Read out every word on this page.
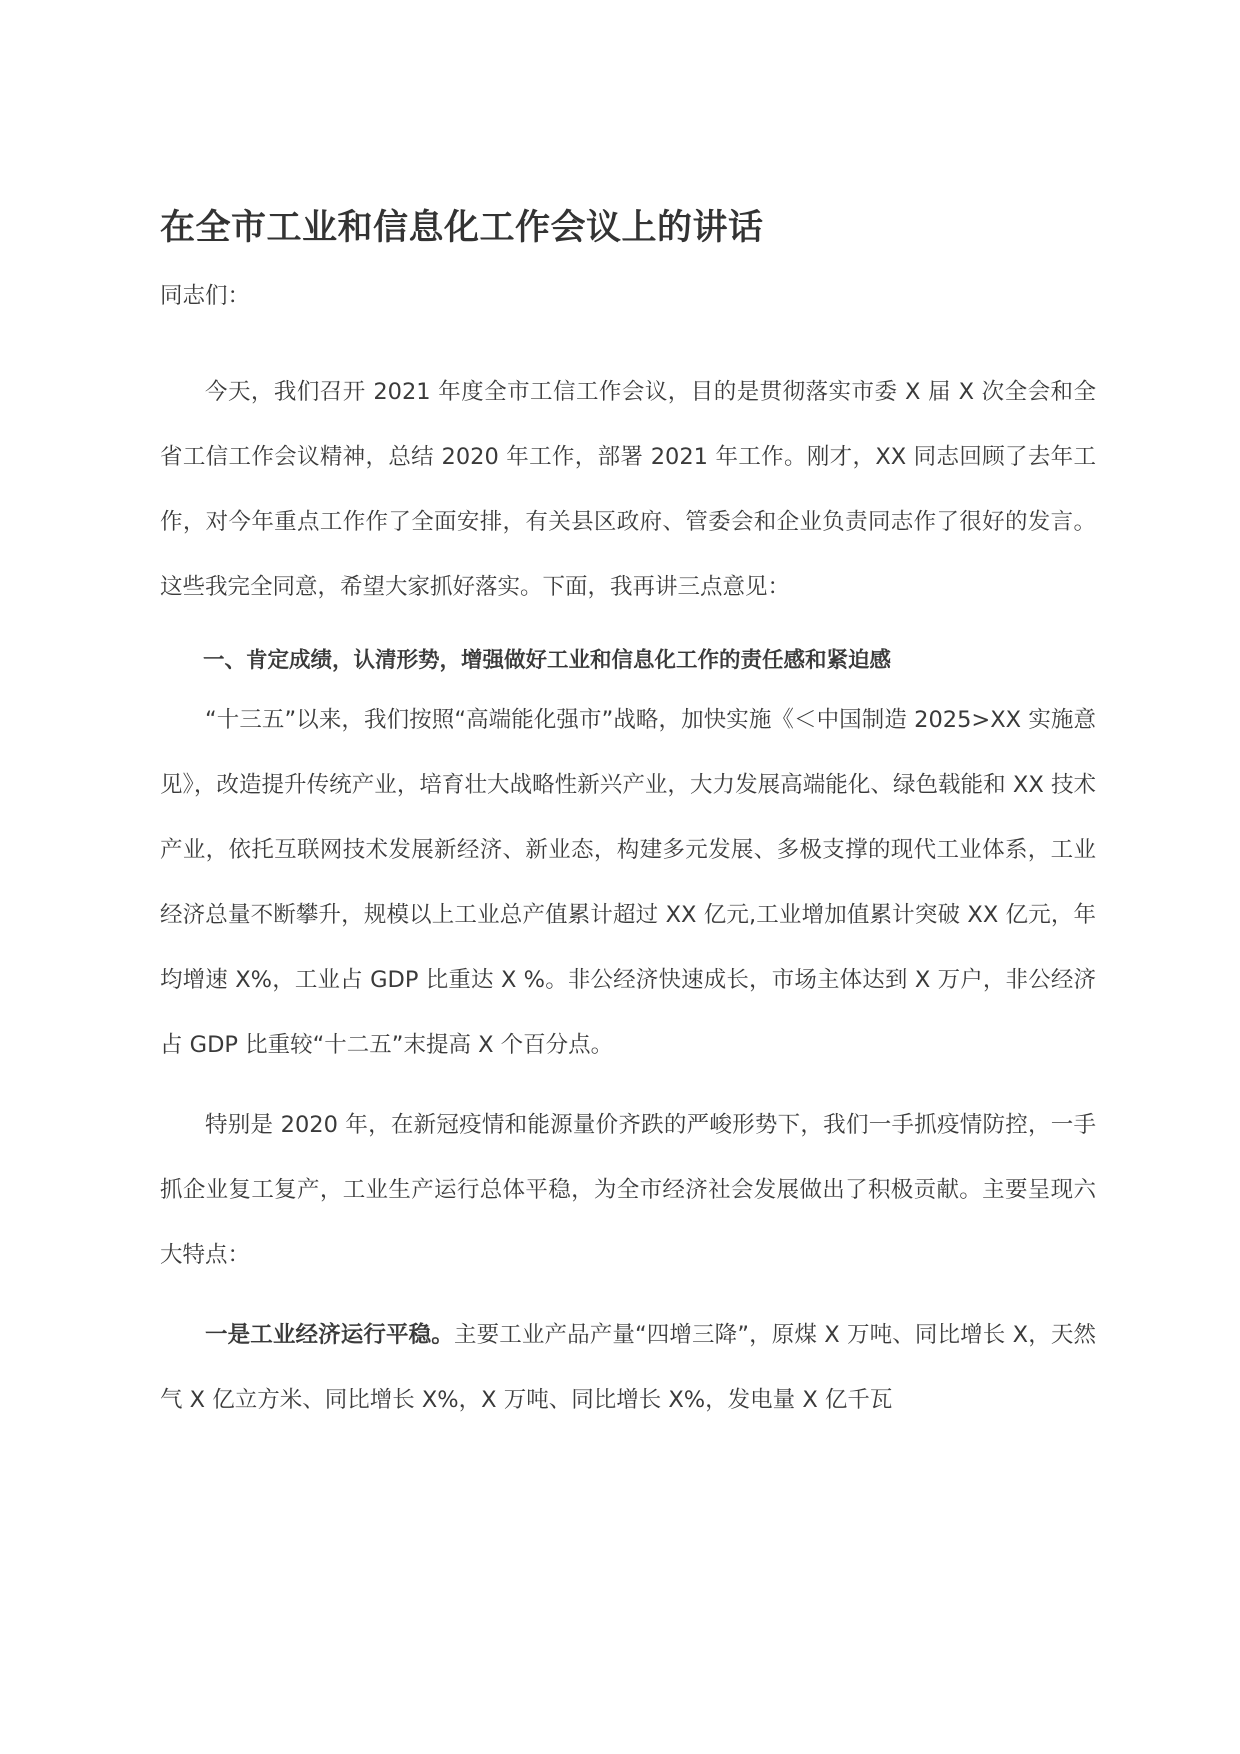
在全市工业和信息化工作会议上的讲话

同志们：

今天，我们召开 2021 年度全市工信工作会议，目的是贯彻落实市委 X 届 X 次全会和全省工信工作会议精神，总结 2020 年工作，部署 2021 年工作。刚才，XX 同志回顾了去年工作，对今年重点工作作了全面安排，有关县区政府、管委会和企业负责同志作了很好的发言。这些我完全同意，希望大家抓好落实。下面，我再讲三点意见：

一、肯定成绩，认清形势，增强做好工业和信息化工作的责任感和紧迫感

“十三五”以来，我们按照“高端能化强市”战略，加快实施《＜中国制造 2025>XX 实施意见》，改造提升传统产业，培育壮大战略性新兴产业，大力发展高端能化、绿色载能和 XX 技术产业，依托互联网技术发展新经济、新业态，构建多元发展、多极支撑的现代工业体系，工业经济总量不断攀升，规模以上工业总产值累计超过 XX 亿元,工业增加值累计突破 XX 亿元，年均增速 X%，工业占 GDP 比重达 X %。非公经济快速成长，市场主体达到 X 万户，非公经济占 GDP 比重较“十二五”末提高 X 个百分点。

特别是 2020 年，在新冠疫情和能源量价齐跌的严峻形势下，我们一手抓疫情防控，一手抓企业复工复产，工业生产运行总体平稳，为全市经济社会发展做出了积极贡献。主要呈现六大特点：

一是工业经济运行平稳。主要工业产品产量“四增三降”，原煤 X 万吨、同比增长 X，天然气 X 亿立方米、同比增长 X%，X 万吨、同比增长 X%，发电量 X 亿千瓦
